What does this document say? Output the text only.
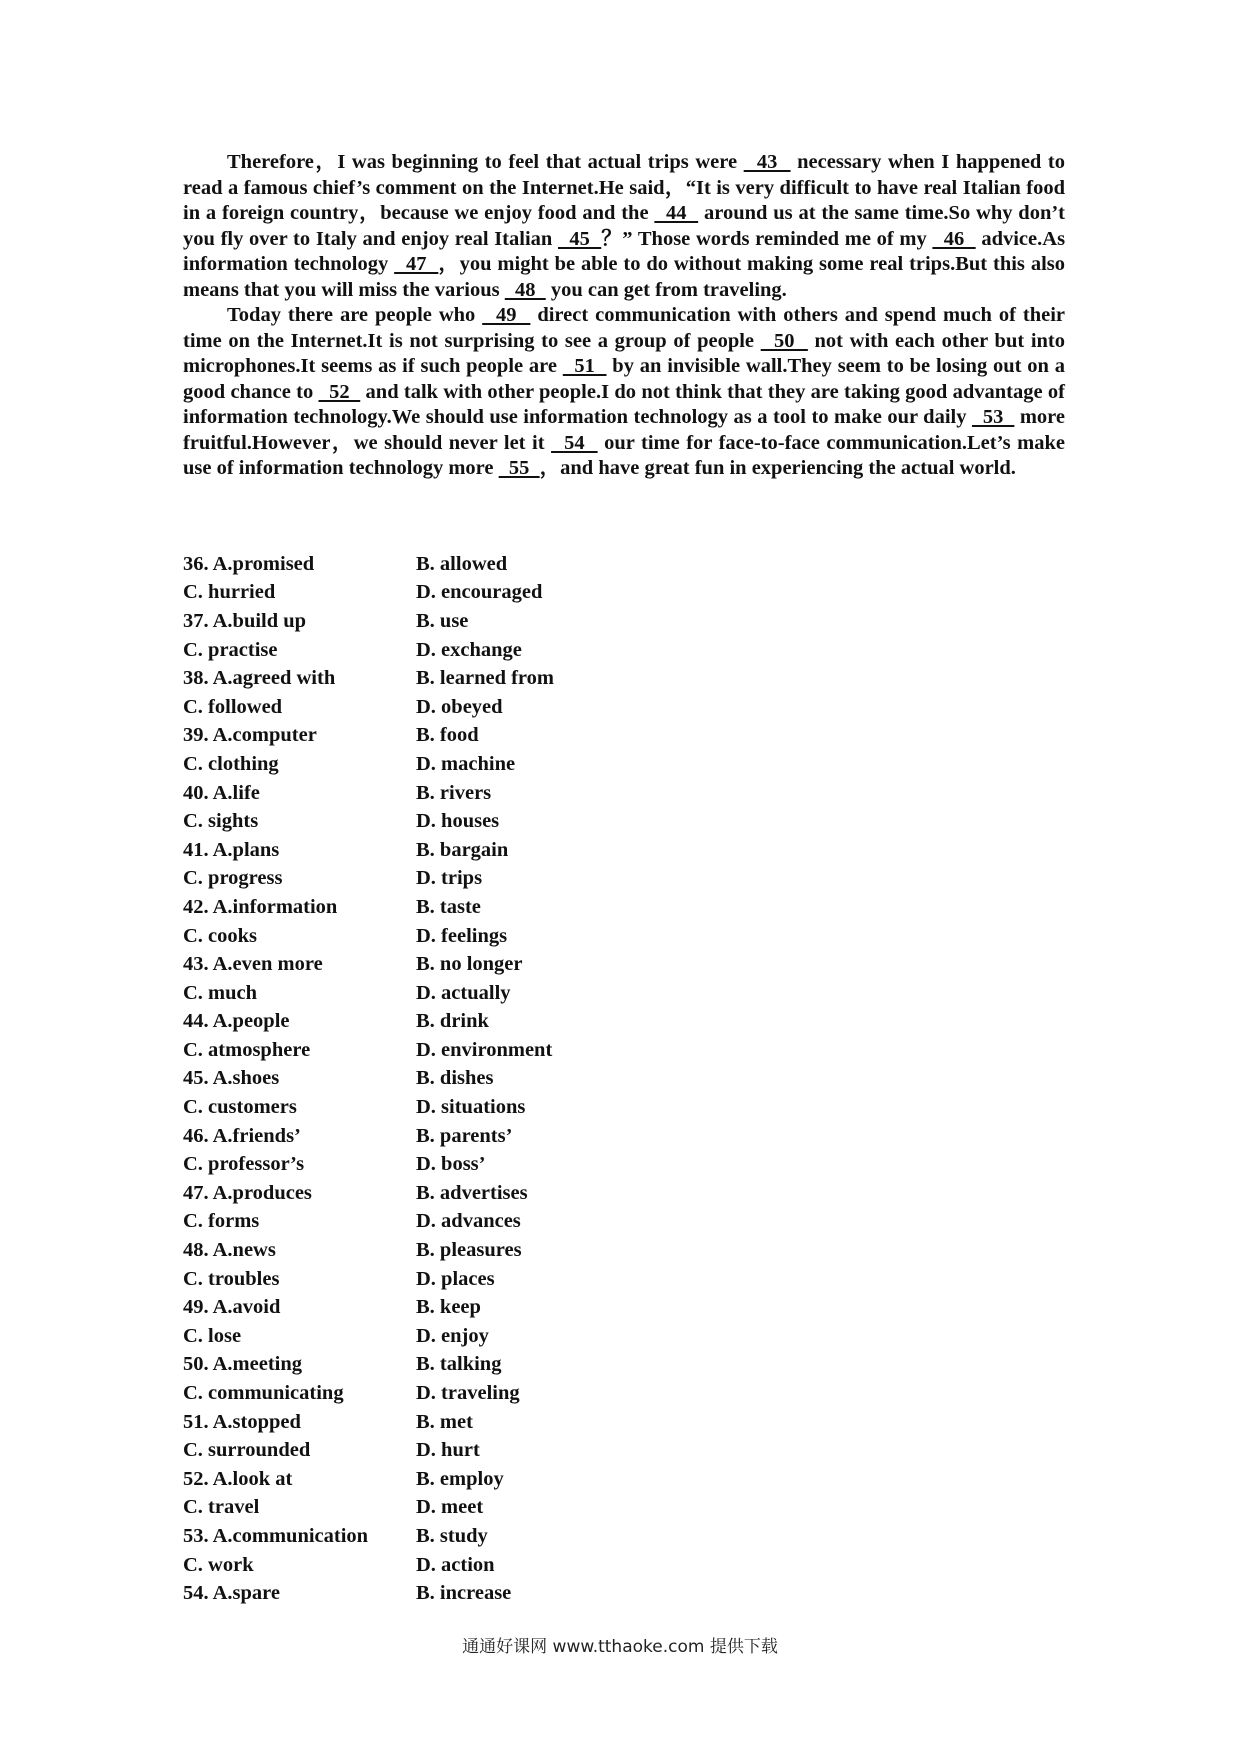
Therefore，I was beginning to feel that actual trips were   43   necessary when I happened to read a famous chief’s comment on the Internet.He said，“It is very difficult to have real Italian food in a foreign country，because we enjoy food and the   44   around us at the same time.So why don’t you fly over to Italy and enjoy real Italian   45  ？” Those words reminded me of my   46   advice.As information technology   47  ，you might be able to do without making some real trips.But this also means that you will miss the various   48   you can get from traveling.

Today there are people who   49   direct communication with others and spend much of their time on the Internet.It is not surprising to see a group of people   50   not with each other but into microphones.It seems as if such people are   51   by an invisible wall.They seem to be losing out on a good chance to   52   and talk with other people.I do not think that they are taking good advantage of information technology.We should use information technology as a tool to make our daily   53   more fruitful.However，we should never let it   54   our time for face-to-face communication.Let’s make use of information technology more   55  ，and have great fun in experiencing the actual world.

36. A.promised	B. allowed
C. hurried	D. encouraged
37. A.build up	B. use
C. practise	D. exchange
38. A.agreed with	B. learned from
C. followed	D. obeyed
39. A.computer	B. food
C. clothing	D. machine
40. A.life	B. rivers
C. sights	D. houses
41. A.plans	B. bargain
C. progress	D. trips
42. A.information	B. taste
C. cooks	D. feelings
43. A.even more	B. no longer
C. much	D. actually
44. A.people	B. drink
C. atmosphere	D. environment
45. A.shoes	B. dishes
C. customers	D. situations
46. A.friends’	B. parents’
C. professor’s	D. boss’
47. A.produces	B. advertises
C. forms	D. advances
48. A.news	B. pleasures
C. troubles	D. places
49. A.avoid	B. keep
C. lose	D. enjoy
50. A.meeting	B. talking
C. communicating	D. traveling
51. A.stopped	B. met
C. surrounded	D. hurt
52. A.look at	B. employ
C. travel	D. meet
53. A.communication	B. study
C. work	D. action
54. A.spare	B. increase
通通好课网 www.tthaoke.com 提供下载
